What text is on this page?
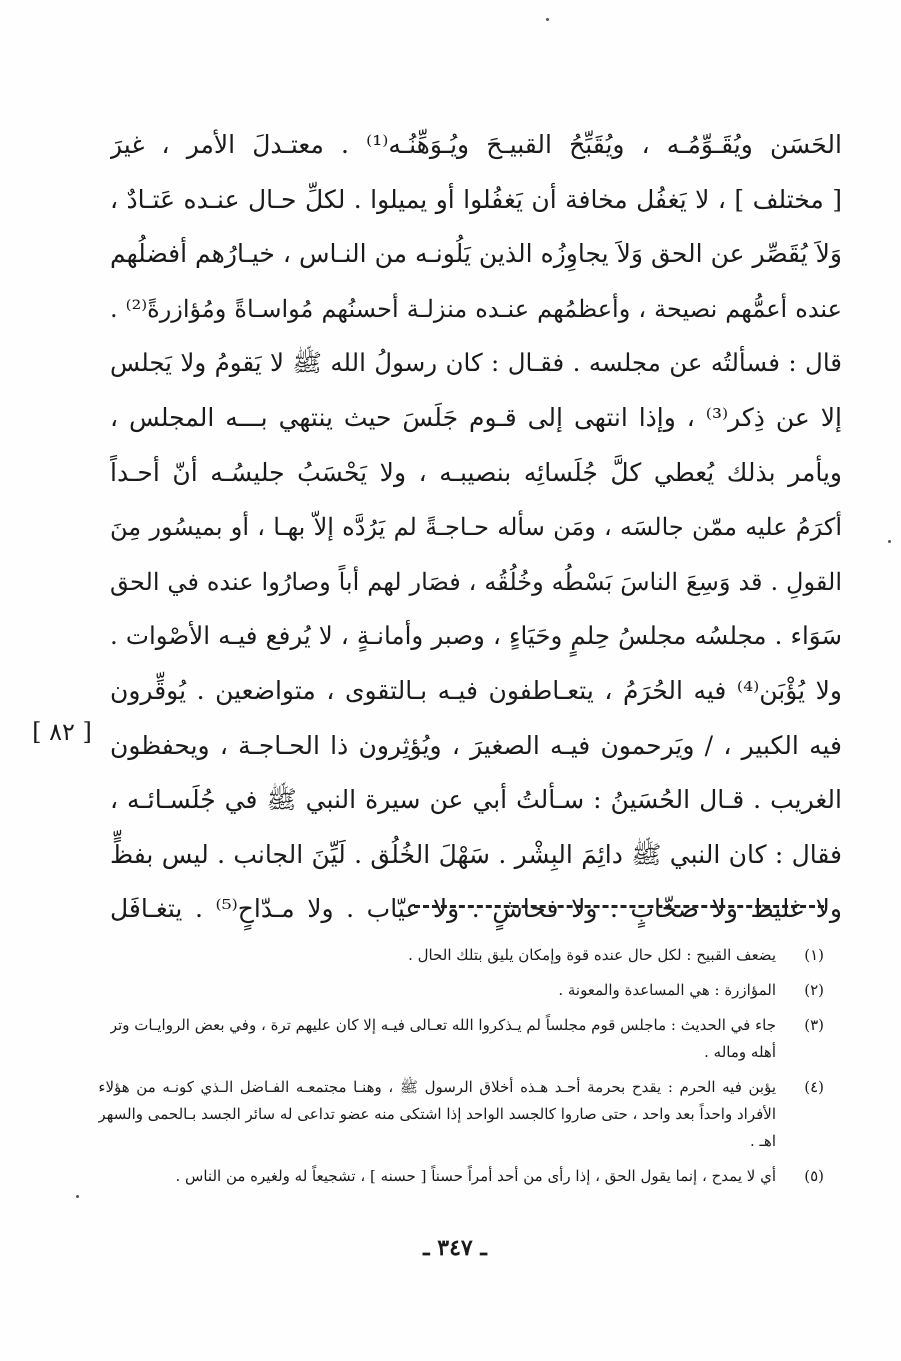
الحَسَن ويُقَـوِّمُـه ، ويُقَبِّحُ القبيـحَ ويُـوَهِّنُـه⁽¹⁾ . معتـدلَ الأمر ، غيرَ
[ مختلف ] ، لا يَغفُل مخافة أن يَغفُلوا أو يميلوا . لكلِّ حـال عنـده عَتـادٌ ،
وَلاَ يُقَصِّر عن الحق وَلاَ يجاوِزُه الذين يَلُونـه من النـاس ، خيـارُهم أفضلُهم
عنده أعمُّهم نصيحة ، وأعظمُهم عنـده منزلـة أحسنُهم مُواسـاةً ومُؤازرةً⁽²⁾ .
قال : فسألتُه عن مجلسه . فقـال : كان رسولُ الله ﷺ لا يَقومُ ولا يَجلس
إلا عن ذِكر⁽³⁾ ، وإذا انتهى إلى قـوم جَلَسَ حيث ينتهي بـــه المجلس ،
ويأمر بذلك يُعطي كلَّ جُلَسائِه بنصيبـه ، ولا يَحْسَبُ جليسُـه أنّ أحـداً
أكرَمُ عليه ممّن جالسَه ، ومَن سأله حـاجـةً لم يَرُدَّه إلاّ بهـا ، أو بميسُور مِنَ
القولِ . قد وَسِعَ الناسَ بَسْطُه وخُلُقُه ، فصَار لهم أباً وصارُوا عنده في الحق
سَوَاء . مجلسُه مجلسُ حِلمٍ وحَيَاءٍ ، وصبر وأمانـةٍ ، لا يُرفع فيـه الأصْوات .
ولا يُؤْبَن⁽⁴⁾ فيه الحُرَمُ ، يتعـاطفون فيـه بـالتقوى ، متواضعين . يُوقِّرون
فيه الكبير ، / ويَرحمون فيـه الصغيرَ ، ويُؤثِرون ذا الحـاجـة ، ويحفظون
الغريب . قـال الحُسَينُ : سـألتُ أبي عن سيرة النبي ﷺ في جُلَسـائـه ،
فقال : كان النبي ﷺ دائِمَ البِشْر . سَهْلَ الخُلُق . لَيِّنَ الجانب . ليس بفظٍّ
ولا غليظ ولا صخّابٍ . ولا فحاشٍ . ولا عيّاب . ولا مـدّاحٍ⁽⁵⁾ . يتغـافَل
[ ٨٢ ]
(١)
يضعف القبيح : لكل حال عنده قوة وإمكان يليق بتلك الحال .
(٢)
المؤازرة : هي المساعدة والمعونة .
(٣)
جاء في الحديث : ماجلس قوم مجلساً لم يـذكروا الله تعـالى فيـه إلا كان عليهم ترة ، وفي بعض الروايـات وتر
أهله وماله .
(٤)
يؤبن فيه الحرم : يقدح بحرمة أحـد هـذه أخلاق الرسول ﷺ ، وهنـا مجتمعـه الفـاضل الـذي كونـه من هؤلاء
الأفراد واحداً بعد واحد ، حتى صاروا كالجسد الواحد إذا اشتكى منه عضو تداعى له سائر الجسد بـالحمى والسهر
اهـ .
(٥)
أي لا يمدح ، إنما يقول الحق ، إذا رأى من أحد أمراً حسناً [ حسنه ] ، تشجيعاً له ولغيره من الناس .
ـ ٣٤٧ ـ
